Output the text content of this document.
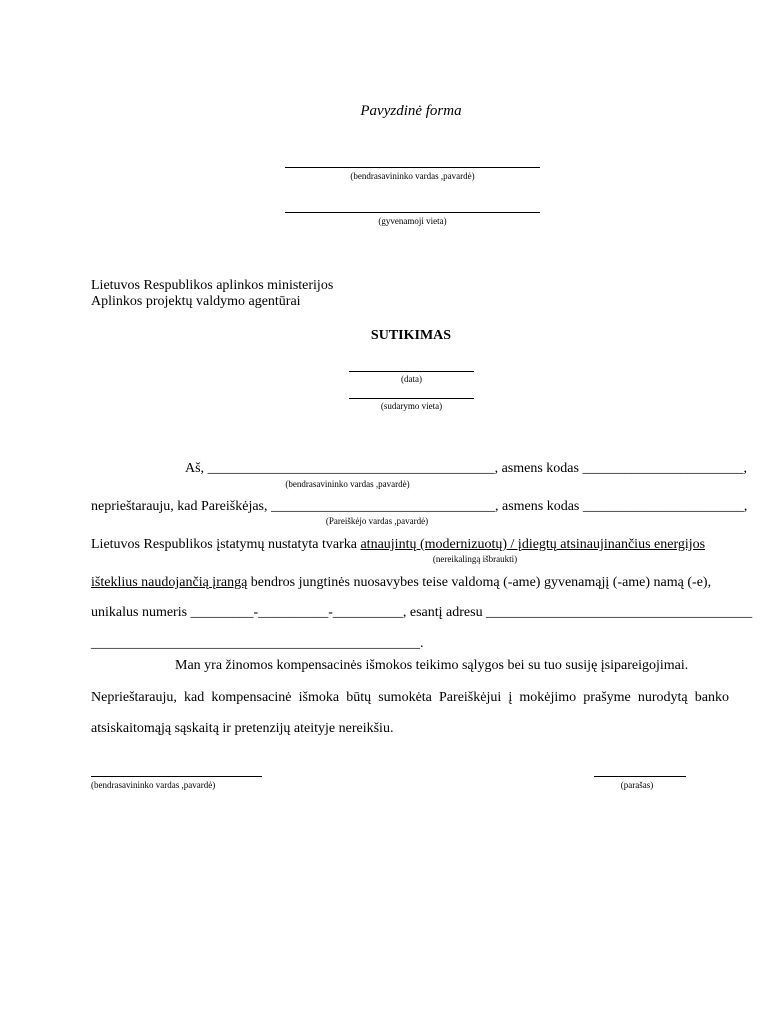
Pavyzdinė forma
(bendrasavininko vardas ,pavardė)
(gyvenamoji vieta)
Lietuvos Respublikos aplinkos ministerijos
Aplinkos projektų valdymo agentūrai
SUTIKIMAS
(data)
(sudarymo vieta)
Aš, _________________________________________, asmens kodas _______________________,
(bendrasavininko vardas ,pavardė)
neprieštarauju, kad Pareiškėjas, ________________________________, asmens kodas _______________________,
(Pareiškėjo vardas ,pavardė)
Lietuvos Respublikos įstatymų nustatyta tvarka atnaujintų (modernizuotų) / įdiegtų atsinaujinančius energijos
(nereikalingą išbraukti)
išteklius naudojančią įrangą bendros jungtinės nuosavybes teise valdomą (-ame) gyvenamąjį (-ame) namą (-e),
unikalus numeris _________-__________-__________, esantį adresu ______________________________________
_______________________________________________.
Man yra žinomos kompensacinės išmokos teikimo sąlygos bei su tuo susiję įsipareigojimai.
Neprieštarauju, kad kompensacinė išmoka būtų sumokėta Pareiškėjui į mokėjimo prašyme nurodytą banko
atsiskaitomąją sąskaitą ir pretenzijų ateityje nereikšiu.
(bendrasavininko vardas ,pavardė)	(parašas)
